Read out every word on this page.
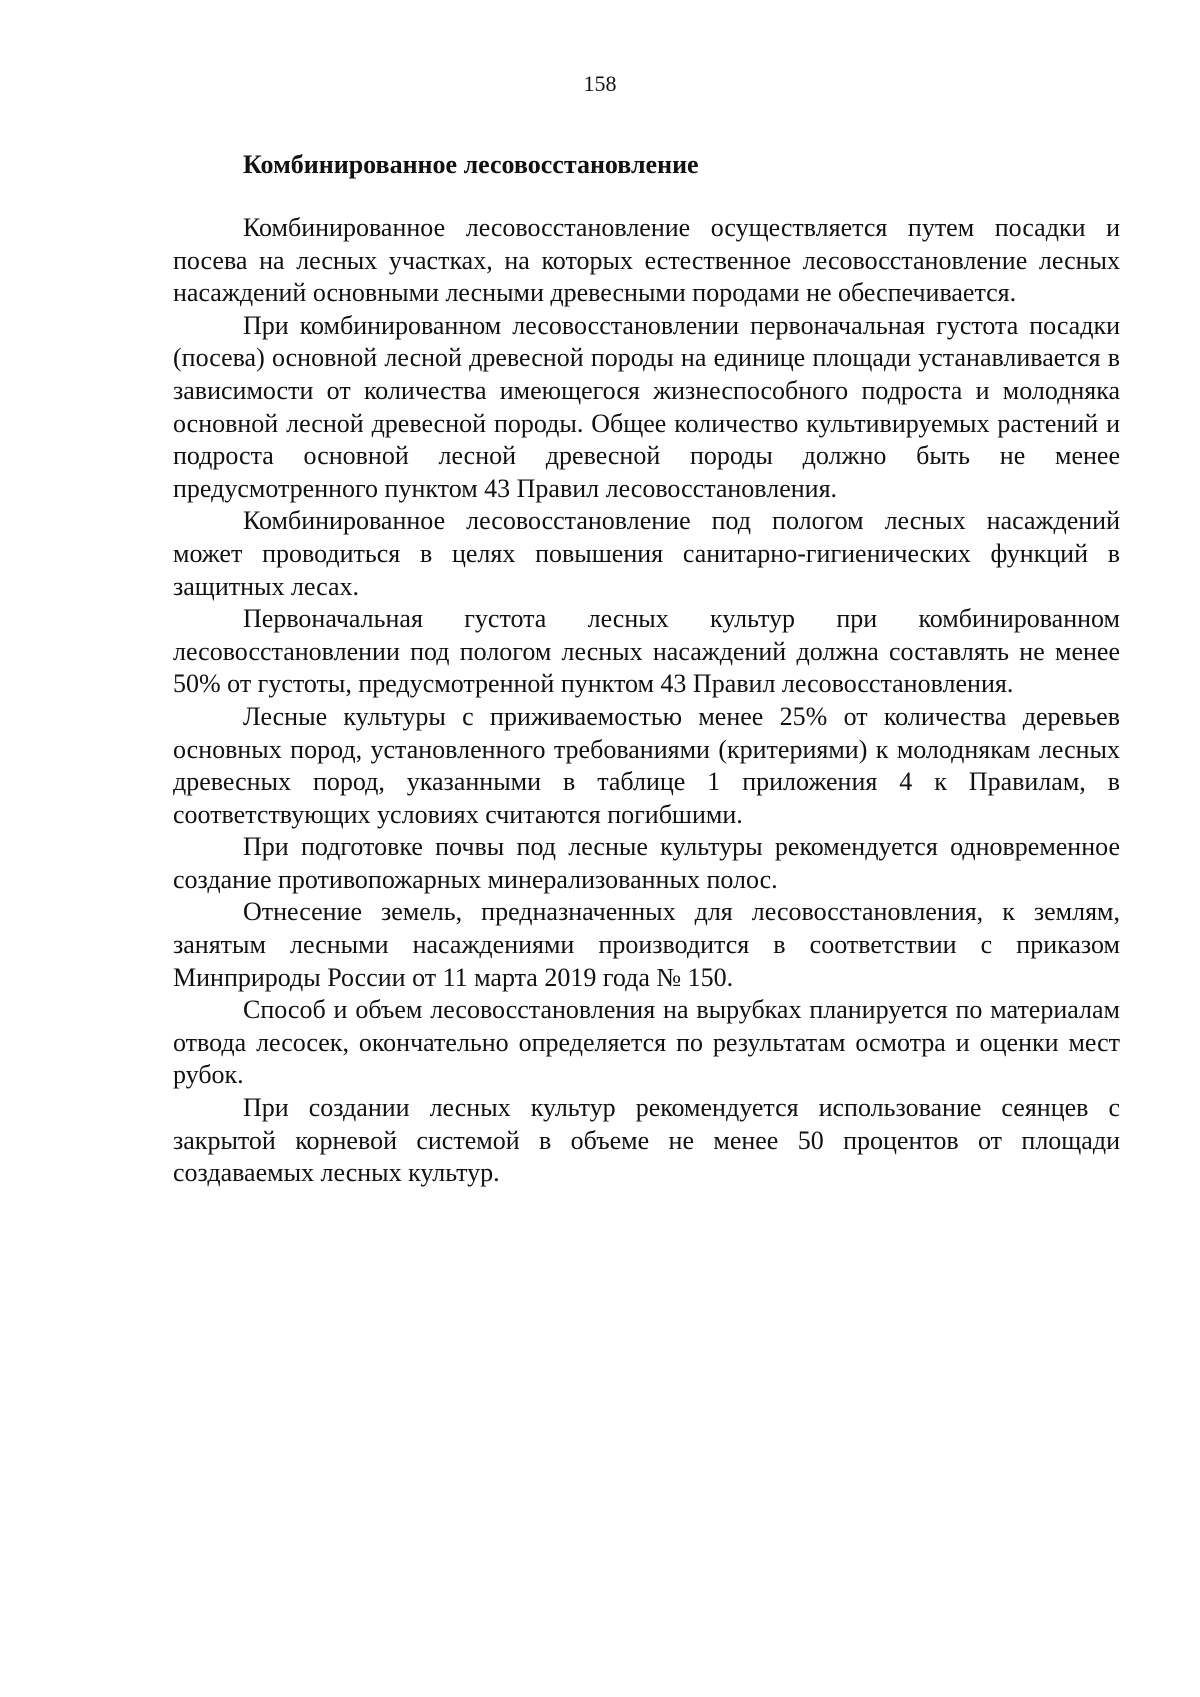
158
Комбинированное лесовосстановление

Комбинированное лесовосстановление осуществляется путем посадки и посева на лесных участках, на которых естественное лесовосстановление лесных насаждений основными лесными древесными породами не обеспечивается.

При комбинированном лесовосстановлении первоначальная густота посадки (посева) основной лесной древесной породы на единице площади устанавливается в зависимости от количества имеющегося жизнеспособного подроста и молодняка основной лесной древесной породы. Общее количество культивируемых растений и подроста основной лесной древесной породы должно быть не менее предусмотренного пунктом 43 Правил лесовосстановления.

Комбинированное лесовосстановление под пологом лесных насаждений может проводиться в целях повышения санитарно-гигиенических функций в защитных лесах.

Первоначальная густота лесных культур при комбинированном лесовосстановлении под пологом лесных насаждений должна составлять не менее 50% от густоты, предусмотренной пунктом 43 Правил лесовосстановления.

Лесные культуры с приживаемостью менее 25% от количества деревьев основных пород, установленного требованиями (критериями) к молоднякам лесных древесных пород, указанными в таблице 1 приложения 4 к Правилам, в соответствующих условиях считаются погибшими.

При подготовке почвы под лесные культуры рекомендуется одновременное создание противопожарных минерализованных полос.

Отнесение земель, предназначенных для лесовосстановления, к землям, занятым лесными насаждениями производится в соответствии с приказом Минприроды России от 11 марта 2019 года № 150.

Способ и объем лесовосстановления на вырубках планируется по материалам отвода лесосек, окончательно определяется по результатам осмотра и оценки мест рубок.

При создании лесных культур рекомендуется использование сеянцев с закрытой корневой системой в объеме не менее 50 процентов от площади создаваемых лесных культур.
